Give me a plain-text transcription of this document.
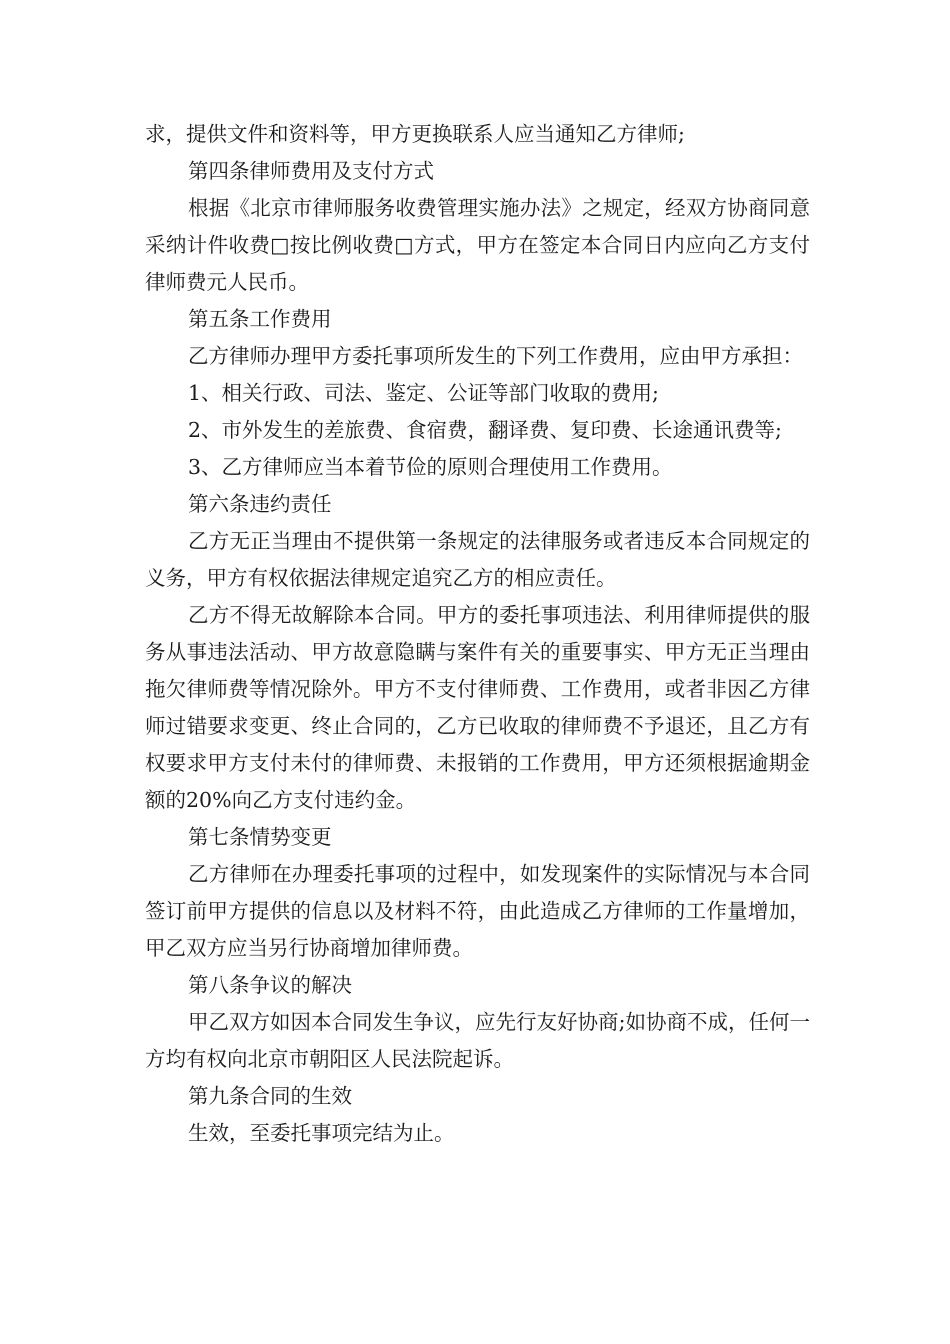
求，提供文件和资料等，甲方更换联系人应当通知乙方律师;

第四条律师费用及支付方式

根据《北京市律师服务收费管理实施办法》之规定，经双方协商同意采纳计件收费□按比例收费□方式，甲方在签定本合同日内应向乙方支付律师费元人民币。

第五条工作费用

乙方律师办理甲方委托事项所发生的下列工作费用，应由甲方承担：

1、相关行政、司法、鉴定、公证等部门收取的费用;

2、市外发生的差旅费、食宿费，翻译费、复印费、长途通讯费等;

3、乙方律师应当本着节俭的原则合理使用工作费用。

第六条违约责任

乙方无正当理由不提供第一条规定的法律服务或者违反本合同规定的义务，甲方有权依据法律规定追究乙方的相应责任。

乙方不得无故解除本合同。甲方的委托事项违法、利用律师提供的服务从事违法活动、甲方故意隐瞒与案件有关的重要事实、甲方无正当理由拖欠律师费等情况除外。甲方不支付律师费、工作费用，或者非因乙方律师过错要求变更、终止合同的，乙方已收取的律师费不予退还，且乙方有权要求甲方支付未付的律师费、未报销的工作费用，甲方还须根据逾期金额的20%向乙方支付违约金。

第七条情势变更

乙方律师在办理委托事项的过程中，如发现案件的实际情况与本合同签订前甲方提供的信息以及材料不符，由此造成乙方律师的工作量增加，甲乙双方应当另行协商增加律师费。

第八条争议的解决

甲乙双方如因本合同发生争议，应先行友好协商;如协商不成，任何一方均有权向北京市朝阳区人民法院起诉。

第九条合同的生效

生效，至委托事项完结为止。
